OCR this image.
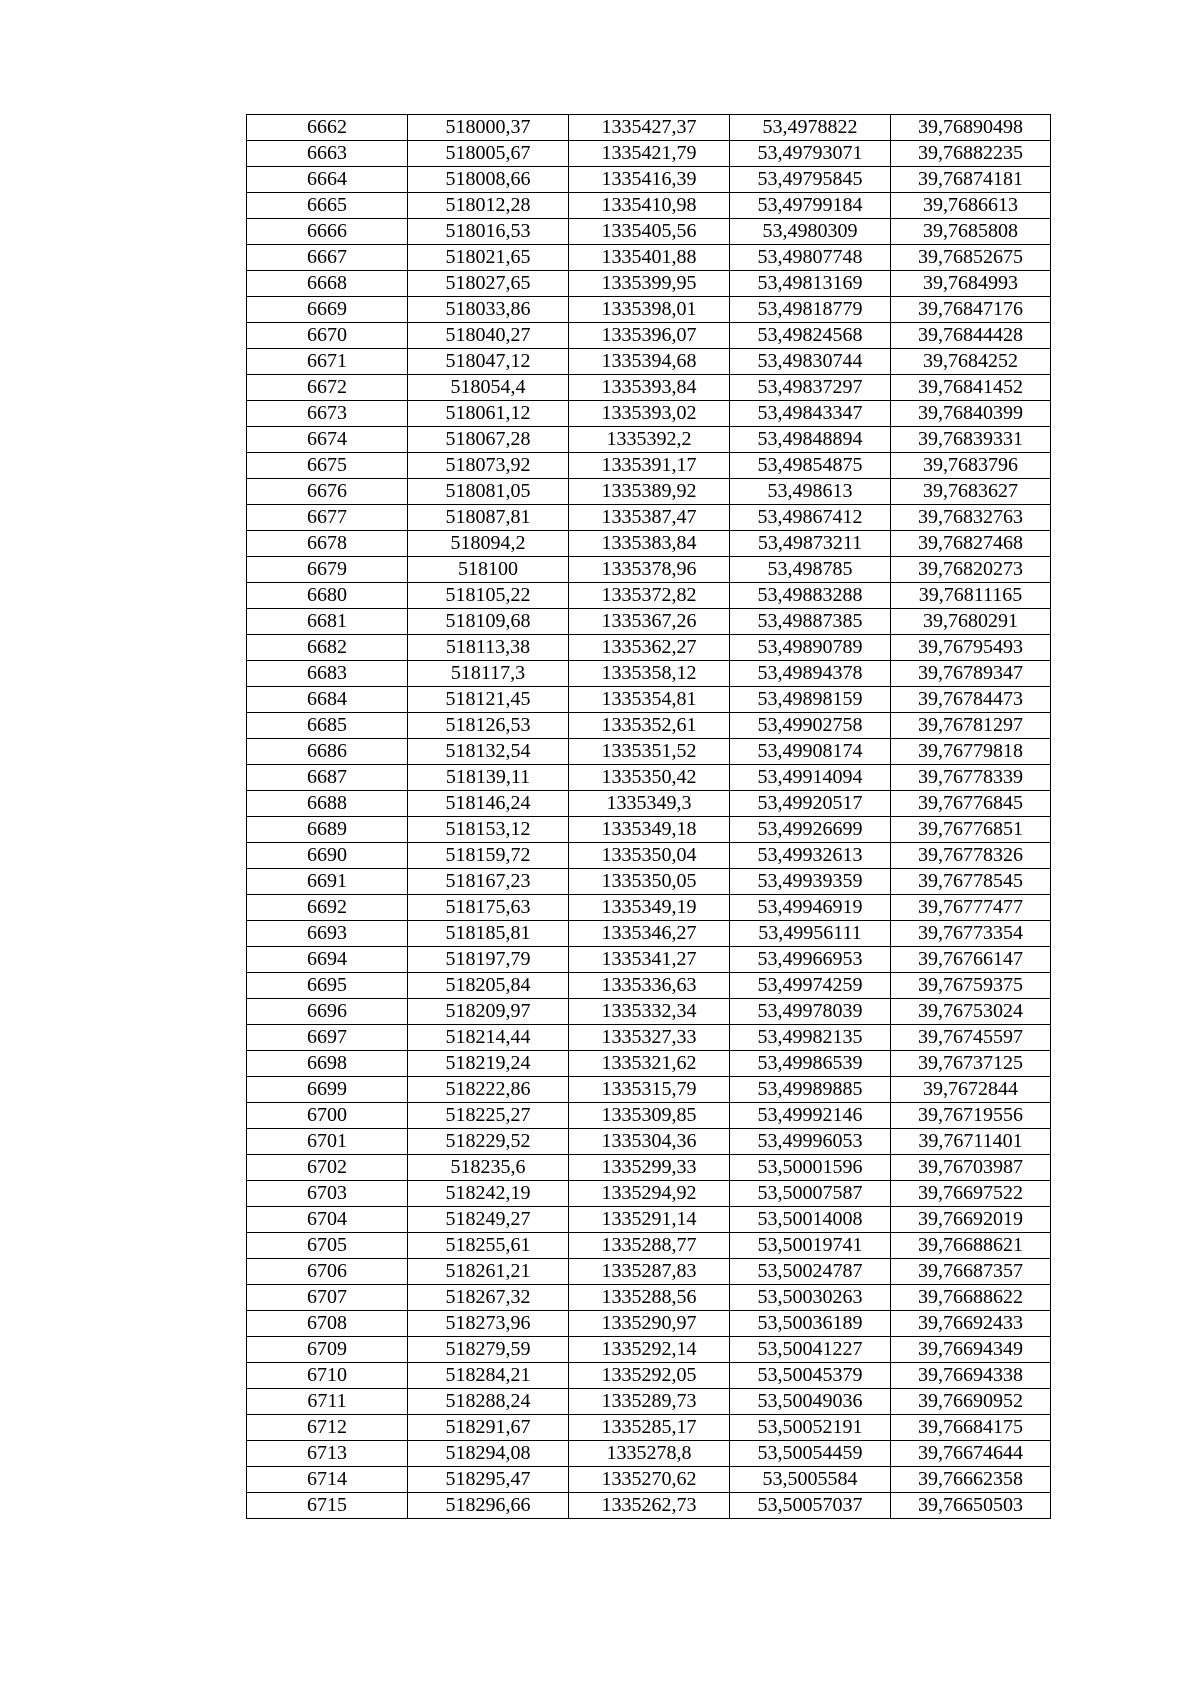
6662	518000,37	1335427,37	53,4978822	39,76890498
6663	518005,67	1335421,79	53,49793071	39,76882235
6664	518008,66	1335416,39	53,49795845	39,76874181
6665	518012,28	1335410,98	53,49799184	39,7686613
6666	518016,53	1335405,56	53,4980309	39,7685808
6667	518021,65	1335401,88	53,49807748	39,76852675
6668	518027,65	1335399,95	53,49813169	39,7684993
6669	518033,86	1335398,01	53,49818779	39,76847176
6670	518040,27	1335396,07	53,49824568	39,76844428
6671	518047,12	1335394,68	53,49830744	39,7684252
6672	518054,4	1335393,84	53,49837297	39,76841452
6673	518061,12	1335393,02	53,49843347	39,76840399
6674	518067,28	1335392,2	53,49848894	39,76839331
6675	518073,92	1335391,17	53,49854875	39,7683796
6676	518081,05	1335389,92	53,498613	39,7683627
6677	518087,81	1335387,47	53,49867412	39,76832763
6678	518094,2	1335383,84	53,49873211	39,76827468
6679	518100	1335378,96	53,498785	39,76820273
6680	518105,22	1335372,82	53,49883288	39,76811165
6681	518109,68	1335367,26	53,49887385	39,7680291
6682	518113,38	1335362,27	53,49890789	39,76795493
6683	518117,3	1335358,12	53,49894378	39,76789347
6684	518121,45	1335354,81	53,49898159	39,76784473
6685	518126,53	1335352,61	53,49902758	39,76781297
6686	518132,54	1335351,52	53,49908174	39,76779818
6687	518139,11	1335350,42	53,49914094	39,76778339
6688	518146,24	1335349,3	53,49920517	39,76776845
6689	518153,12	1335349,18	53,49926699	39,76776851
6690	518159,72	1335350,04	53,49932613	39,76778326
6691	518167,23	1335350,05	53,49939359	39,76778545
6692	518175,63	1335349,19	53,49946919	39,76777477
6693	518185,81	1335346,27	53,49956111	39,76773354
6694	518197,79	1335341,27	53,49966953	39,76766147
6695	518205,84	1335336,63	53,49974259	39,76759375
6696	518209,97	1335332,34	53,49978039	39,76753024
6697	518214,44	1335327,33	53,49982135	39,76745597
6698	518219,24	1335321,62	53,49986539	39,76737125
6699	518222,86	1335315,79	53,49989885	39,7672844
6700	518225,27	1335309,85	53,49992146	39,76719556
6701	518229,52	1335304,36	53,49996053	39,76711401
6702	518235,6	1335299,33	53,50001596	39,76703987
6703	518242,19	1335294,92	53,50007587	39,76697522
6704	518249,27	1335291,14	53,50014008	39,76692019
6705	518255,61	1335288,77	53,50019741	39,76688621
6706	518261,21	1335287,83	53,50024787	39,76687357
6707	518267,32	1335288,56	53,50030263	39,76688622
6708	518273,96	1335290,97	53,50036189	39,76692433
6709	518279,59	1335292,14	53,50041227	39,76694349
6710	518284,21	1335292,05	53,50045379	39,76694338
6711	518288,24	1335289,73	53,50049036	39,76690952
6712	518291,67	1335285,17	53,50052191	39,76684175
6713	518294,08	1335278,8	53,50054459	39,76674644
6714	518295,47	1335270,62	53,5005584	39,76662358
6715	518296,66	1335262,73	53,50057037	39,76650503
